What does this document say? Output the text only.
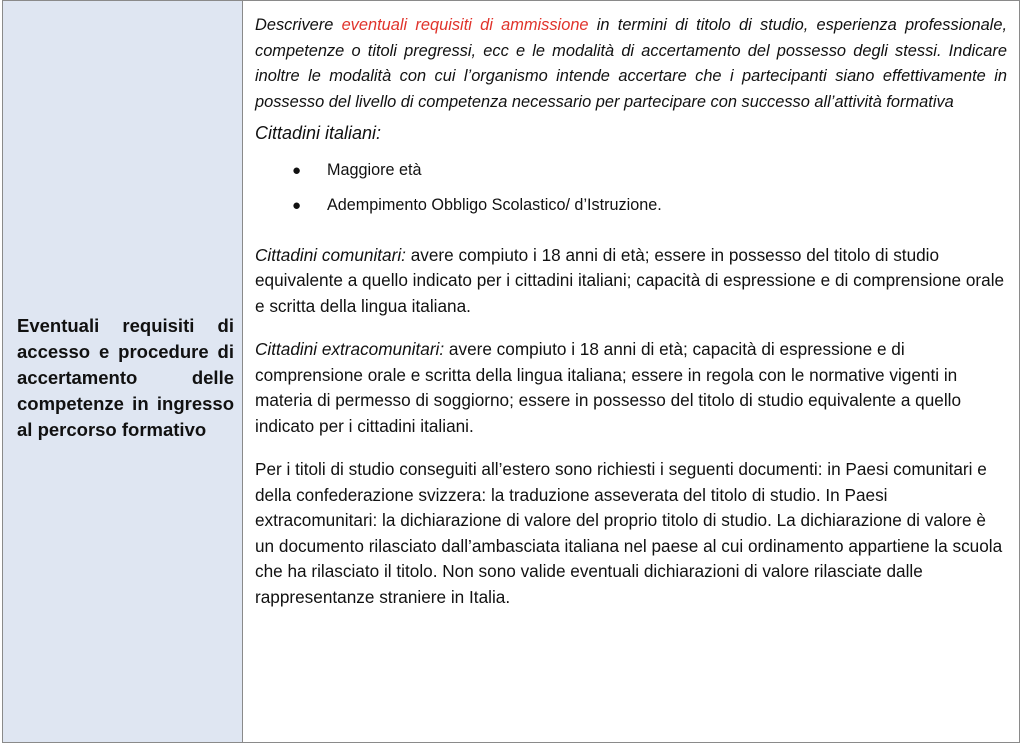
Eventuali requisiti di accesso e procedure di accertamento delle competenze in ingresso al percorso formativo

Descrivere eventuali requisiti di ammissione in termini di titolo di studio, esperienza professionale, competenze o titoli pregressi, ecc e le modalità di accertamento del possesso degli stessi. Indicare inoltre le modalità con cui l’organismo intende accertare che i partecipanti siano effettivamente in possesso del livello di competenza necessario per partecipare con successo all’attività formativa

Cittadini italiani:
● Maggiore età
● Adempimento Obbligo Scolastico/ d’Istruzione.

Cittadini comunitari: avere compiuto i 18 anni di età; essere in possesso del titolo di studio equivalente a quello indicato per i cittadini italiani; capacità di espressione e di comprensione orale e scritta della lingua italiana.

Cittadini extracomunitari: avere compiuto i 18 anni di età; capacità di espressione e di comprensione orale e scritta della lingua italiana; essere in regola con le normative vigenti in materia di permesso di soggiorno; essere in possesso del titolo di studio equivalente a quello indicato per i cittadini italiani.

Per i titoli di studio conseguiti all’estero sono richiesti i seguenti documenti: in Paesi comunitari e della confederazione svizzera: la traduzione asseverata del titolo di studio. In Paesi extracomunitari: la dichiarazione di valore del proprio titolo di studio. La dichiarazione di valore è un documento rilasciato dall’ambasciata italiana nel paese al cui ordinamento appartiene la scuola che ha rilasciato il titolo. Non sono valide eventuali dichiarazioni di valore rilasciate dalle rappresentanze straniere in Italia.
